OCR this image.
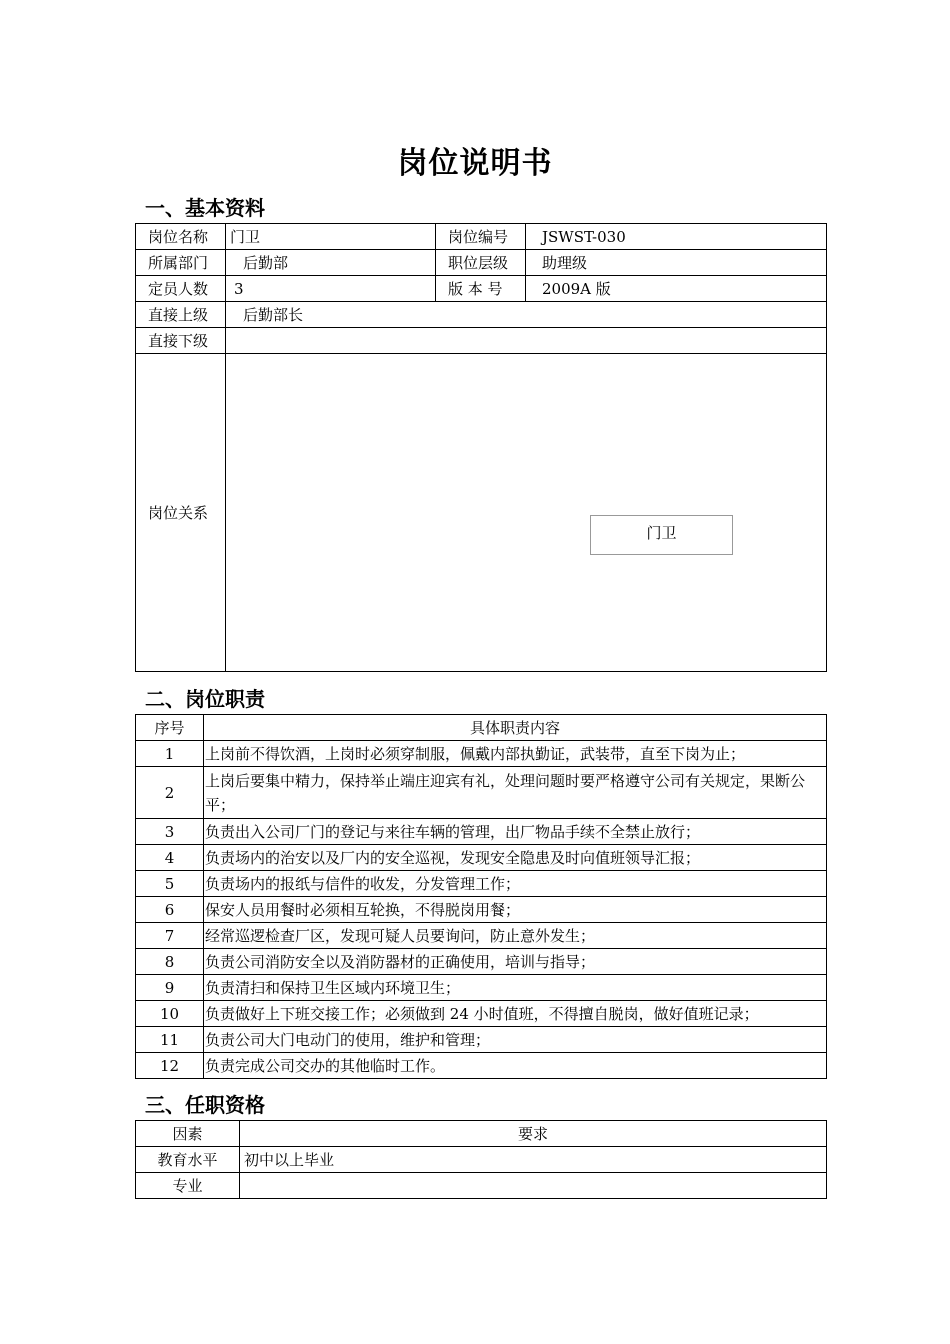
岗位说明书
一、基本资料
岗位名称	门卫	岗位编号	JSWST-030
所属部门	后勤部	职位层级	助理级
定员人数	3	版 本 号	2009A 版
直接上级	后勤部长		
直接下级			
岗位关系			
门卫
二、岗位职责
序号	具体职责内容
1	上岗前不得饮酒，上岗时必须穿制服，佩戴内部执勤证，武装带，直至下岗为止；
2	上岗后要集中精力，保持举止端庄迎宾有礼，处理问题时要严格遵守公司有关规定，果断公平；
3	负责出入公司厂门的登记与来往车辆的管理，出厂物品手续不全禁止放行；
4	负责场内的治安以及厂内的安全巡视，发现安全隐患及时向值班领导汇报；
5	负责场内的报纸与信件的收发，分发管理工作；
6	保安人员用餐时必须相互轮换，不得脱岗用餐；
7	经常巡逻检查厂区，发现可疑人员要询问，防止意外发生；
8	负责公司消防安全以及消防器材的正确使用，培训与指导；
9	负责清扫和保持卫生区域内环境卫生；
10	负责做好上下班交接工作；必须做到 24 小时值班，不得擅自脱岗，做好值班记录；
11	负责公司大门电动门的使用，维护和管理；
12	负责完成公司交办的其他临时工作。
三、任职资格
因素	要求
教育水平	初中以上毕业
专业	
